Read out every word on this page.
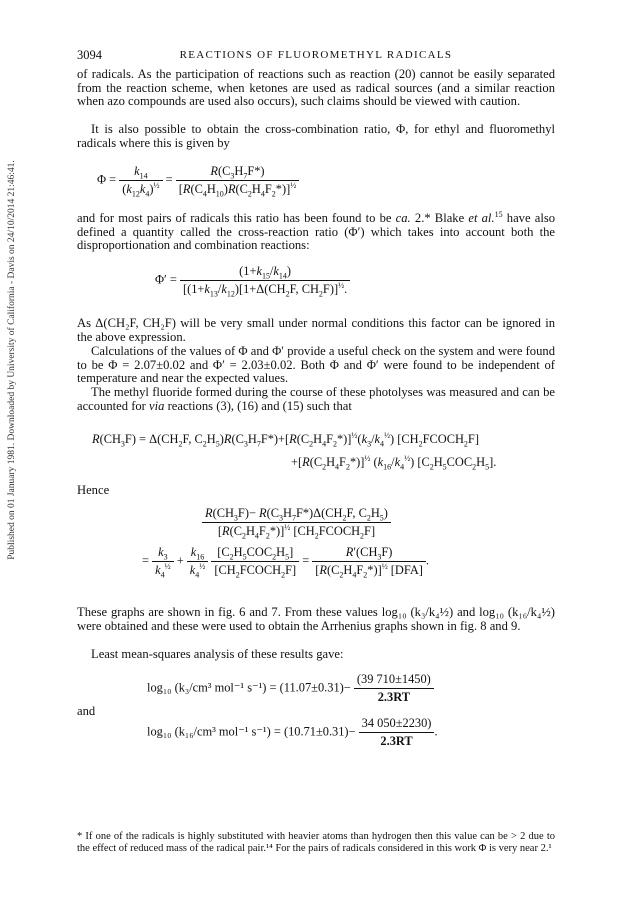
Published on 01 January 1981. Downloaded by University of California - Davis on 24/10/2014 21:46:41.
3094	REACTIONS OF FLUOROMETHYL RADICALS

of radicals. As the participation of reactions such as reaction (20) cannot be easily separated from the reaction scheme, when ketones are used as radical sources (and a similar reaction when azo compounds are used also occurs), such claims should be viewed with caution.

It is also possible to obtain the cross-combination ratio, Φ, for ethyl and fluoromethyl radicals where this is given by

$\Phi = \frac{k_{14}}{(k_{12}k_4)^{\frac{1}{2}}} = \frac{R(C_3H_7F*)}{[R(C_4H_{10})R(C_2H_4F_2*)]^{\frac{1}{2}}}$

and for most pairs of radicals this ratio has been found to be ca. 2.* Blake et al.$^{15}$ have also defined a quantity called the cross-reaction ratio (Φ′) which takes into account both the disproportionation and combination reactions:

$\Phi' = \frac{(1+k_{15}/k_{14})}{[(1+k_{13}/k_{12})[1+\Delta(CH_2F, CH_2F)]^{\frac{1}{2}}.}$

As Δ(CH₂F, CH₂F) will be very small under normal conditions this factor can be ignored in the above expression.

Calculations of the values of Φ and Φ′ provide a useful check on the system and were found to be Φ = 2.07±0.02 and Φ′ = 2.03±0.02. Both Φ and Φ′ were found to be independent of temperature and near the expected values.

The methyl fluoride formed during the course of these photolyses was measured and can be accounted for via reactions (3), (16) and (15) such that

$R(CH_3F) = \Delta(CH_2F$, $C_2H_5)R(C_3H_7F*)+[R(C_2H_4F_2*)]^{\frac{1}{2}}(k_3/k_4^{\frac{1}{2}})$ $[CH_2FCOCH_2F]$
$+[R(C_2H_4F_2*)]^{\frac{1}{2}}$ $(k_{16}/k_4^{\frac{1}{2}})$ $[C_2H_5COC_2H_5]$.

Hence

$\frac{R(CH_3F)- R(C_3H_7F*)\Delta(CH_2F, C_2H_5)}{[R(C_2H_4F_2*)]^{\frac{1}{2}} [CH_2FCOCH_2F]}$
= $\frac{k_3}{k_4^{\frac{1}{2}}} + \frac{k_{16}}{k_4^{\frac{1}{2}}}$
$\frac{[C_2H_5COC_2H_5]}{[CH_2FCOCH_2F]} = \frac{R'(CH_3F)}{[R(C_2H_4F_2*)]^{\frac{1}{2}} [DFA]}$ .

These graphs are shown in fig. 6 and 7. From these values log₁₀ (k₃/k₄½) and log₁₀ (k₁₆/k₄½) were obtained and these were used to obtain the Arrhenius graphs shown in fig. 8 and 9.

Least mean-squares analysis of these results gave:

log₁₀ (k₃/cm³ mol⁻¹ $s^{-1}) = (11.07\pm 0.31)- \frac{(39 710\pm 1450)}{2.3RT}$

and

log₁₀ (k₁₆/cm³ mol⁻¹ $s^{-1}) = (10.71\pm 0.31)- \frac{34 050\pm 2230)}{2.3RT}$ .

* If one of the radicals is highly substituted with heavier atoms than hydrogen then this value can be > 2 due to the effect of reduced mass of the radical pair.¹⁴ For the pairs of radicals considered in this work Φ is very near 2.¹
